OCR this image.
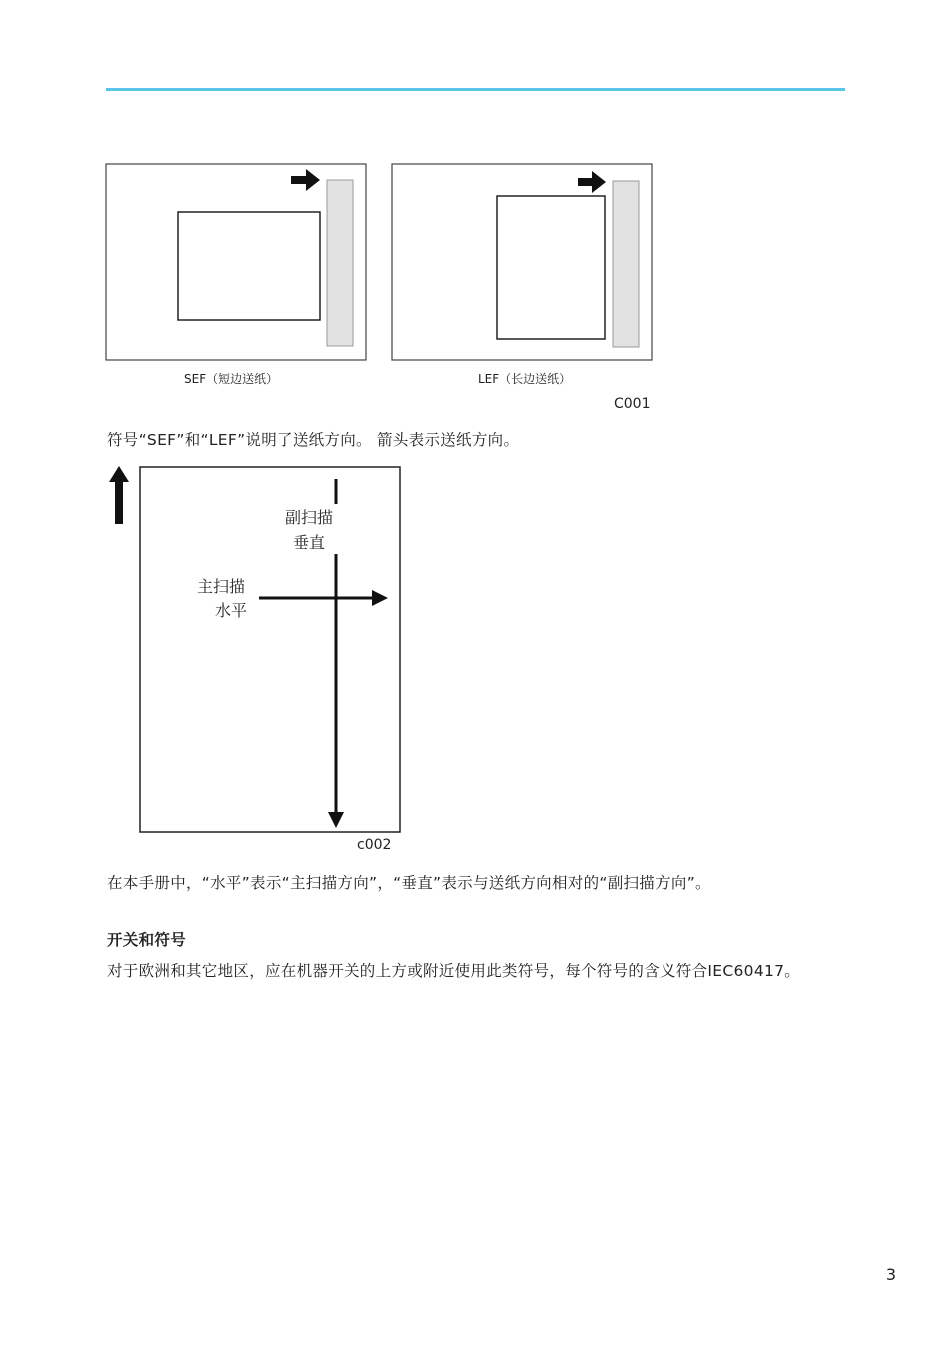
SEF（短边送纸）	LEF（长边送纸）
C001

符号“SEF”和“LEF”说明了送纸方向。 箭头表示送纸方向。

副扫描
垂直
主扫描
水平
c002

在本手册中，“水平”表示“主扫描方向”，“垂直”表示与送纸方向相对的“副扫描方向”。

开关和符号

对于欧洲和其它地区，应在机器开关的上方或附近使用此类符号，每个符号的含义符合IEC60417。

3
